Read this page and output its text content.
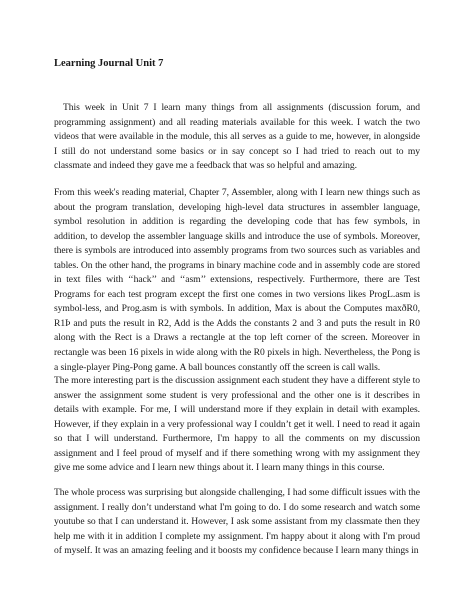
Learning Journal Unit 7
This week in Unit 7 I learn many things from all assignments (discussion forum, and programming assignment) and all reading materials available for this week. I watch the two videos that were available in the module, this all serves as a guide to me, however, in alongside I still do not understand some basics or in say concept so I had tried to reach out to my classmate and indeed they gave me a feedback that was so helpful and amazing.
From this week's reading material, Chapter 7, Assembler, along with I learn new things such as about the program translation, developing high-level data structures in assembler language, symbol resolution in addition is regarding the developing code that has few symbols, in addition, to develop the assembler language skills and introduce the use of symbols. Moreover, there is symbols are introduced into assembly programs from two sources such as variables and tables. On the other hand, the programs in binary machine code and in assembly code are stored in text files with ‘‘hack’’ and ‘‘asm’’ extensions, respectively. Furthermore, there are Test Programs for each test program except the first one comes in two versions likes ProgL.asm is symbol-less, and Prog.asm is with symbols. In addition, Max is about the Computes maxðR0, R1Þ and puts the result in R2, Add is the Adds the constants 2 and 3 and puts the result in R0 along with the Rect is a Draws a rectangle at the top left corner of the screen. Moreover in rectangle was been 16 pixels in wide along with the R0 pixels in high. Nevertheless, the Pong is a single-player Ping-Pong game. A ball bounces constantly off the screen is call walls.
The more interesting part is the discussion assignment each student they have a different style to answer the assignment some student is very professional and the other one is it describes in details with example. For me, I will understand more if they explain in detail with examples. However, if they explain in a very professional way I couldn’t get it well. I need to read it again so that I will understand. Furthermore, I'm happy to all the comments on my discussion assignment and I feel proud of myself and if there something wrong with my assignment they give me some advice and I learn new things about it. I learn many things in this course.
The whole process was surprising but alongside challenging, I had some difficult issues with the assignment. I really don’t understand what I'm going to do. I do some research and watch some youtube so that I can understand it. However, I ask some assistant from my classmate then they help me with it in addition I complete my assignment. I'm happy about it along with I'm proud of myself. It was an amazing feeling and it boosts my confidence because I learn many things in
